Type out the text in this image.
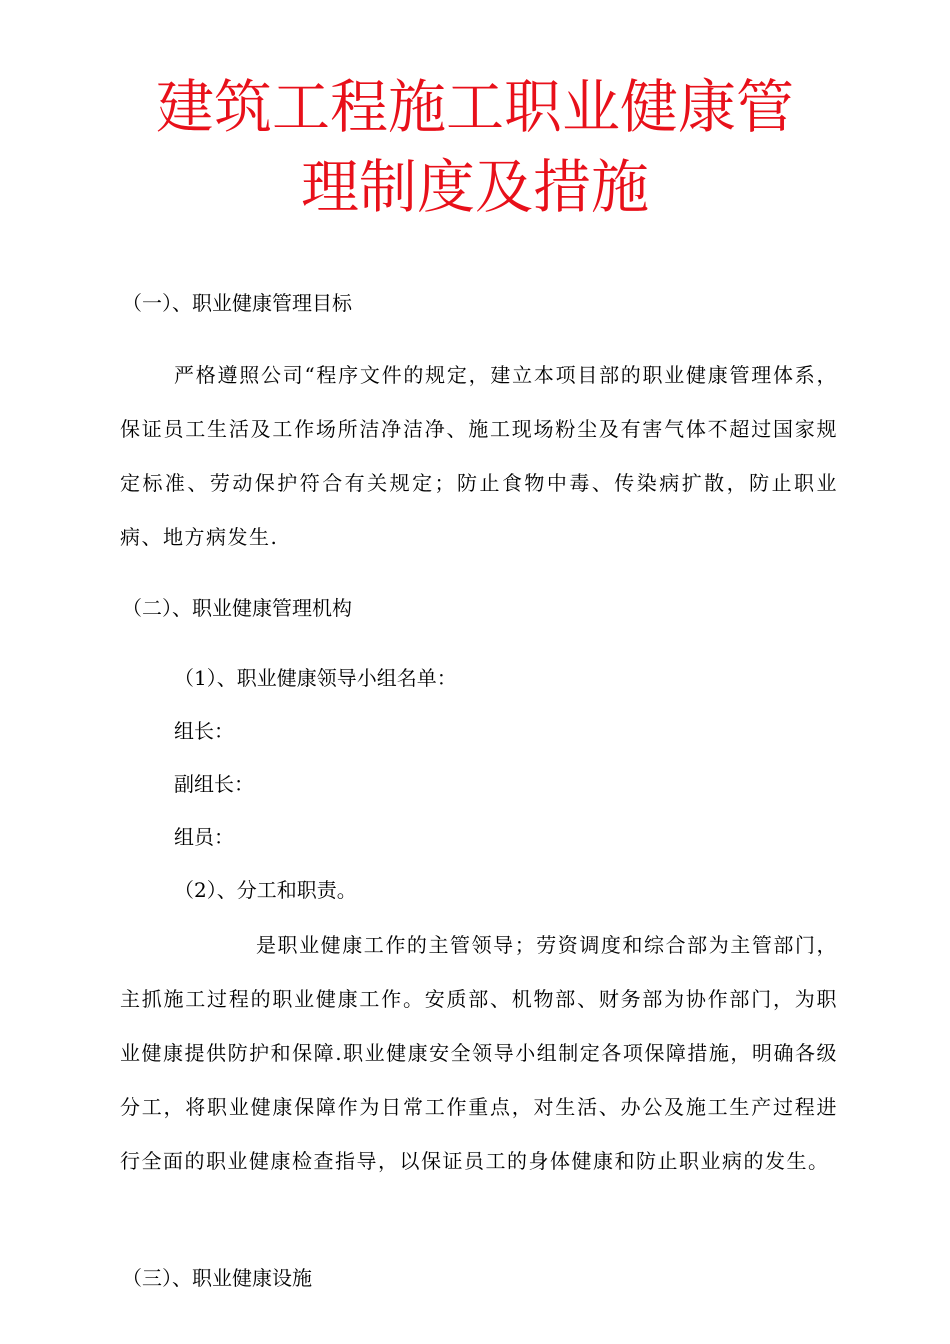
建筑工程施工职业健康管
理制度及措施

（一）、职业健康管理目标

严格遵照公司“程序文件的规定，建立本项目部的职业健康管理体系，保证员工生活及工作场所洁净洁净、施工现场粉尘及有害气体不超过国家规定标准、劳动保护符合有关规定；防止食物中毒、传染病扩散，防止职业病、地方病发生.

（二）、职业健康管理机构

（1）、职业健康领导小组名单：

组长：

副组长：

组员：

（2）、分工和职责。

是职业健康工作的主管领导；劳资调度和综合部为主管部门，主抓施工过程的职业健康工作。安质部、机物部、财务部为协作部门，为职业健康提供防护和保障.职业健康安全领导小组制定各项保障措施，明确各级分工，将职业健康保障作为日常工作重点，对生活、办公及施工生产过程进行全面的职业健康检查指导，以保证员工的身体健康和防止职业病的发生。

（三）、职业健康设施
